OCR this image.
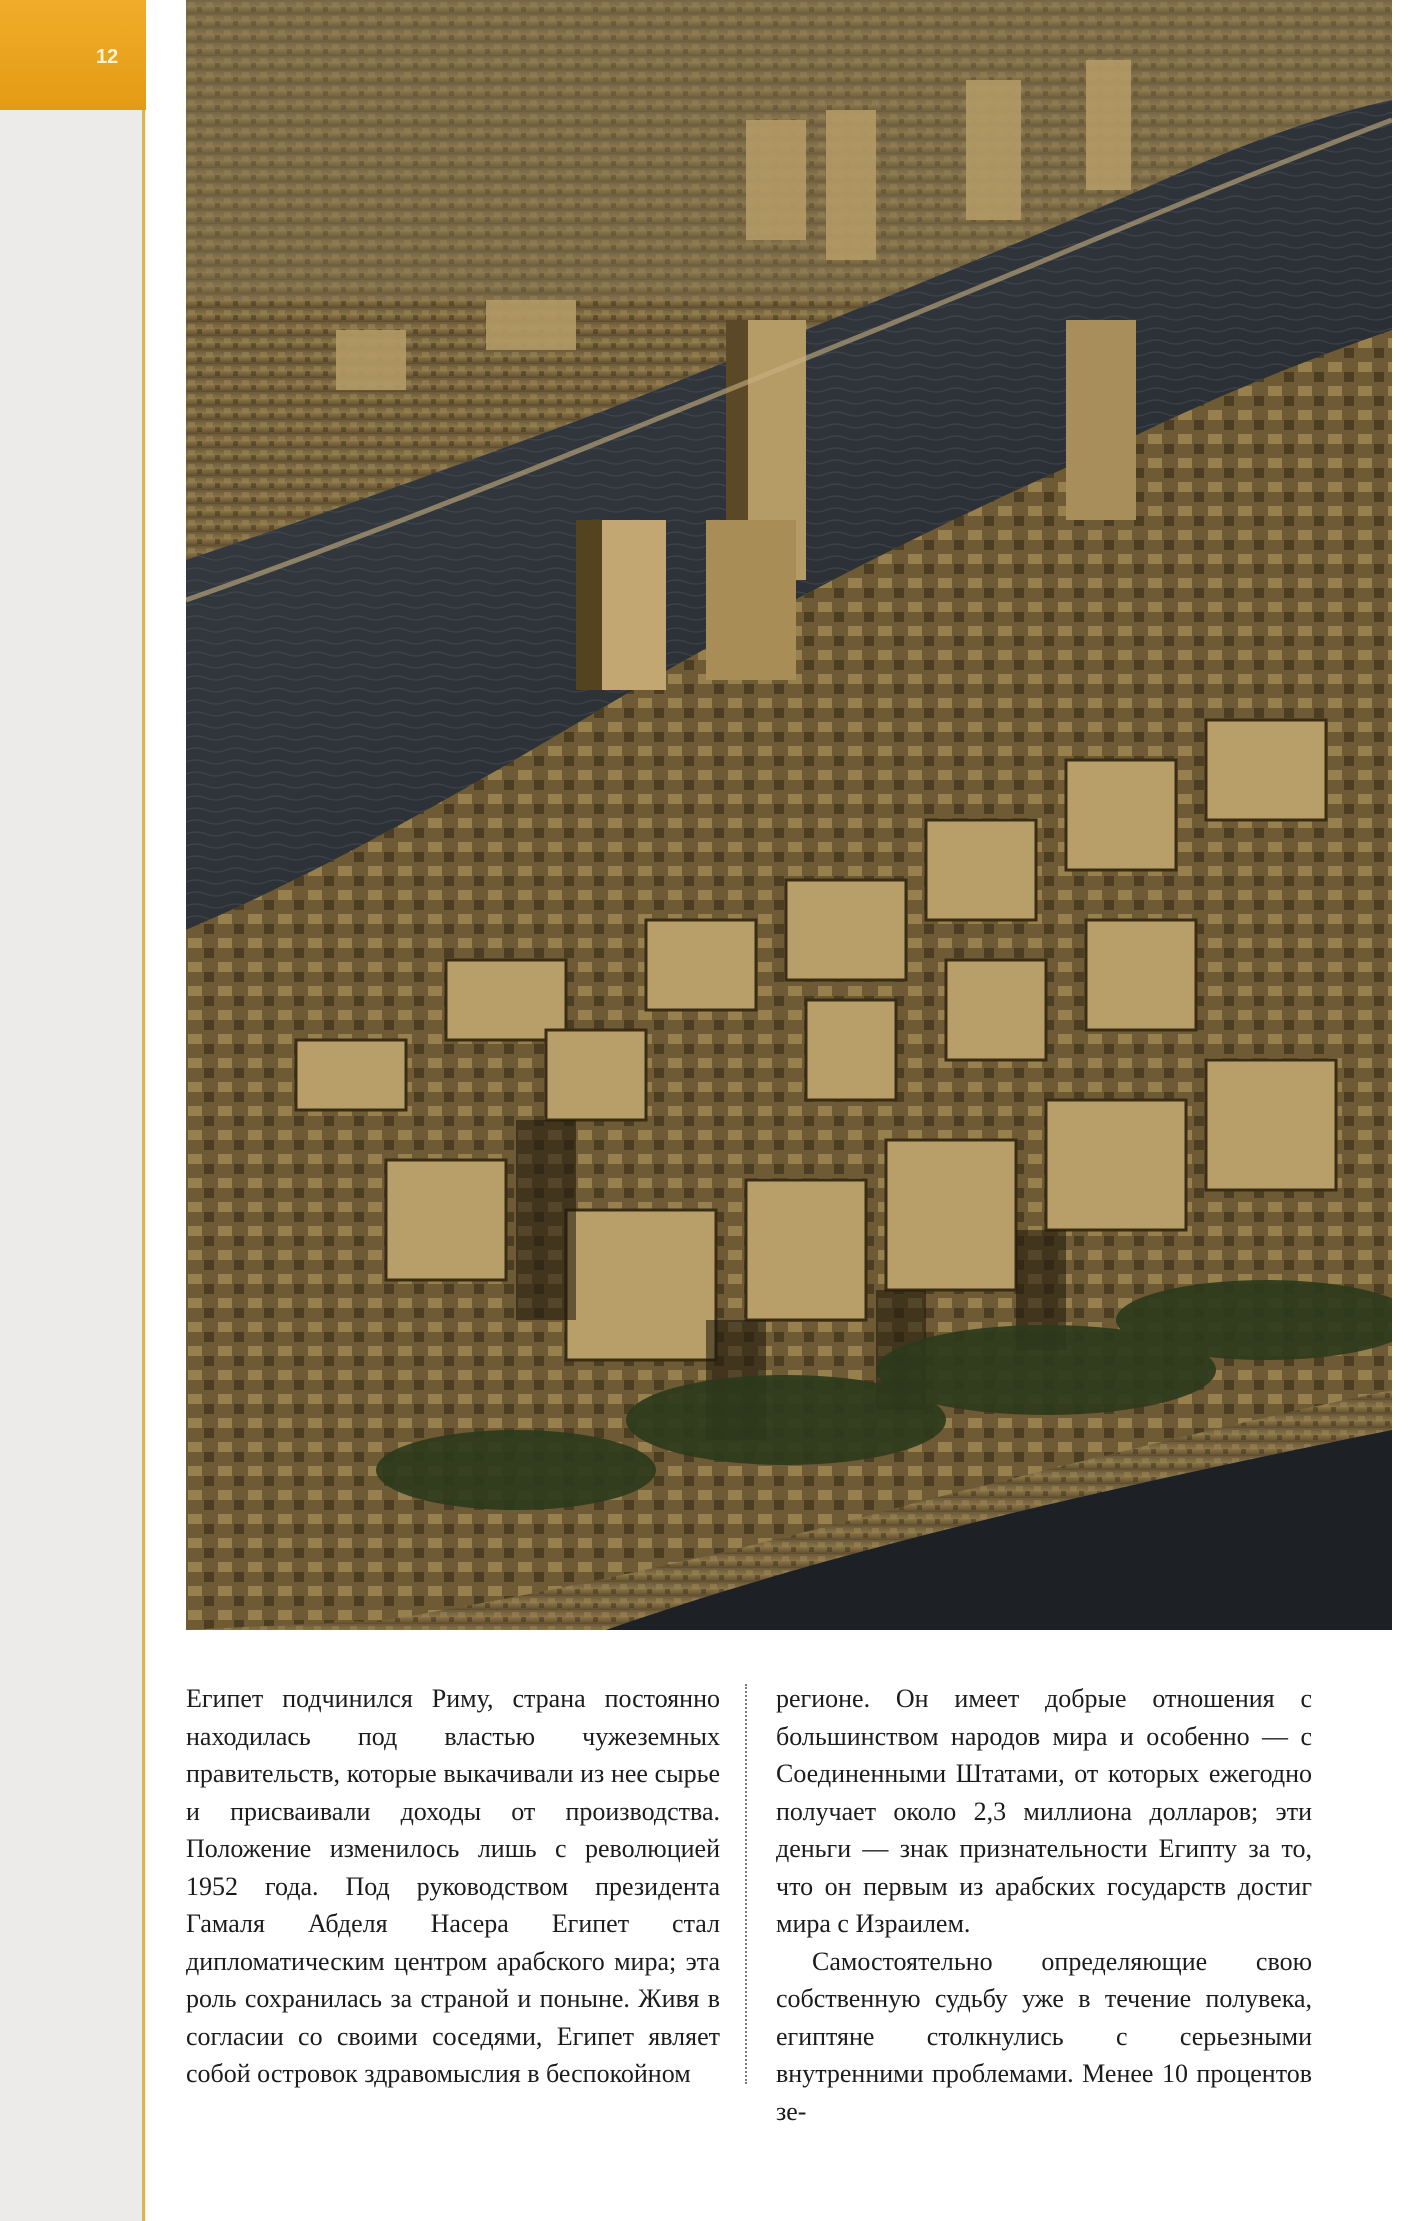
12

Египет подчинился Риму, страна постоянно находилась под властью чужеземных правительств, которые выкачивали из нее сырье и присваивали доходы от производства. Положение изменилось лишь с революцией 1952 года. Под руководством президента Гамаля Абделя Насера Египет стал дипломатическим центром арабского мира; эта роль сохранилась за страной и поныне. Живя в согласии со своими соседями, Египет являет собой островок здравомыслия в беспокойном

регионе. Он имеет добрые отношения с большинством народов мира и особенно — с Соединенными Штатами, от которых ежегодно получает около 2,3 миллиона долларов; эти деньги — знак признательности Египту за то, что он первым из арабских государств достиг мира с Израилем.

Самостоятельно определяющие свою собственную судьбу уже в течение полувека, египтяне столкнулись с серьезными внутренними проблемами. Менее 10 процентов зе-
